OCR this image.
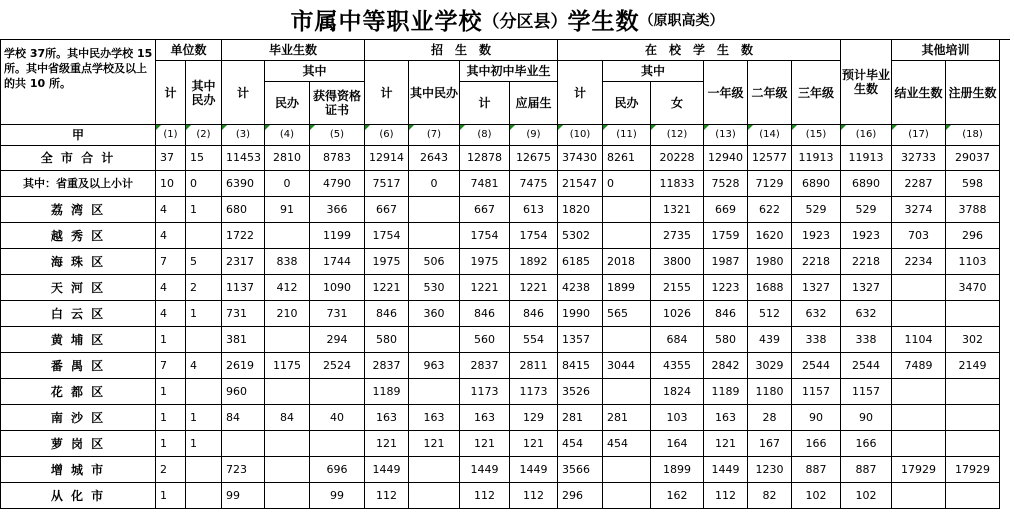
市属中等职业学校 （分区县） 学生数 （原职高类）
学校 37所。其中民办学校 15 所。其中省级重点学校及以上的共 10 所。	单位数		毕业生数			招　生　数				在　校　学　生　数						预计毕业生数	其他培训	
	计	其中民办	计	其中		计	其中民办	其中初中毕业生		计	其中		一年级	二年级	三年级		结业生数	注册生数
				民办	获得资格证书			计	应届生		民办	女						
甲	(1)	(2)	(3)	(4)	(5)	(6)	(7)	(8)	(9)	(10)	(11)	(12)	(13)	(14)	(15)	(16)	(17)	(18)
全 市 合 计	37	15	11453	2810	8783	12914	2643	12878	12675	37430	8261	20228	12940	12577	11913	11913	32733	29037
其中：省重及以上小计	10	0	6390	0	4790	7517	0	7481	7475	21547	0	11833	7528	7129	6890	6890	2287	598
荔 湾 区	4	1	680	91	366	667		667	613	1820		1321	669	622	529	529	3274	3788
越 秀 区	4		1722		1199	1754		1754	1754	5302		2735	1759	1620	1923	1923	703	296
海 珠 区	7	5	2317	838	1744	1975	506	1975	1892	6185	2018	3800	1987	1980	2218	2218	2234	1103
天 河 区	4	2	1137	412	1090	1221	530	1221	1221	4238	1899	2155	1223	1688	1327	1327		3470
白 云 区	4	1	731	210	731	846	360	846	846	1990	565	1026	846	512	632	632		
黄 埔 区	1		381		294	580		560	554	1357		684	580	439	338	338	1104	302
番 禺 区	7	4	2619	1175	2524	2837	963	2837	2811	8415	3044	4355	2842	3029	2544	2544	7489	2149
花 都 区	1		960			1189		1173	1173	3526		1824	1189	1180	1157	1157		
南 沙 区	1	1	84	84	40	163	163	163	129	281	281	103	163	28	90	90		
萝 岗 区	1	1				121	121	121	121	454	454	164	121	167	166	166		
增 城 市	2		723		696	1449		1449	1449	3566		1899	1449	1230	887	887	17929	17929
从 化 市	1		99		99	112		112	112	296		162	112	82	102	102		
